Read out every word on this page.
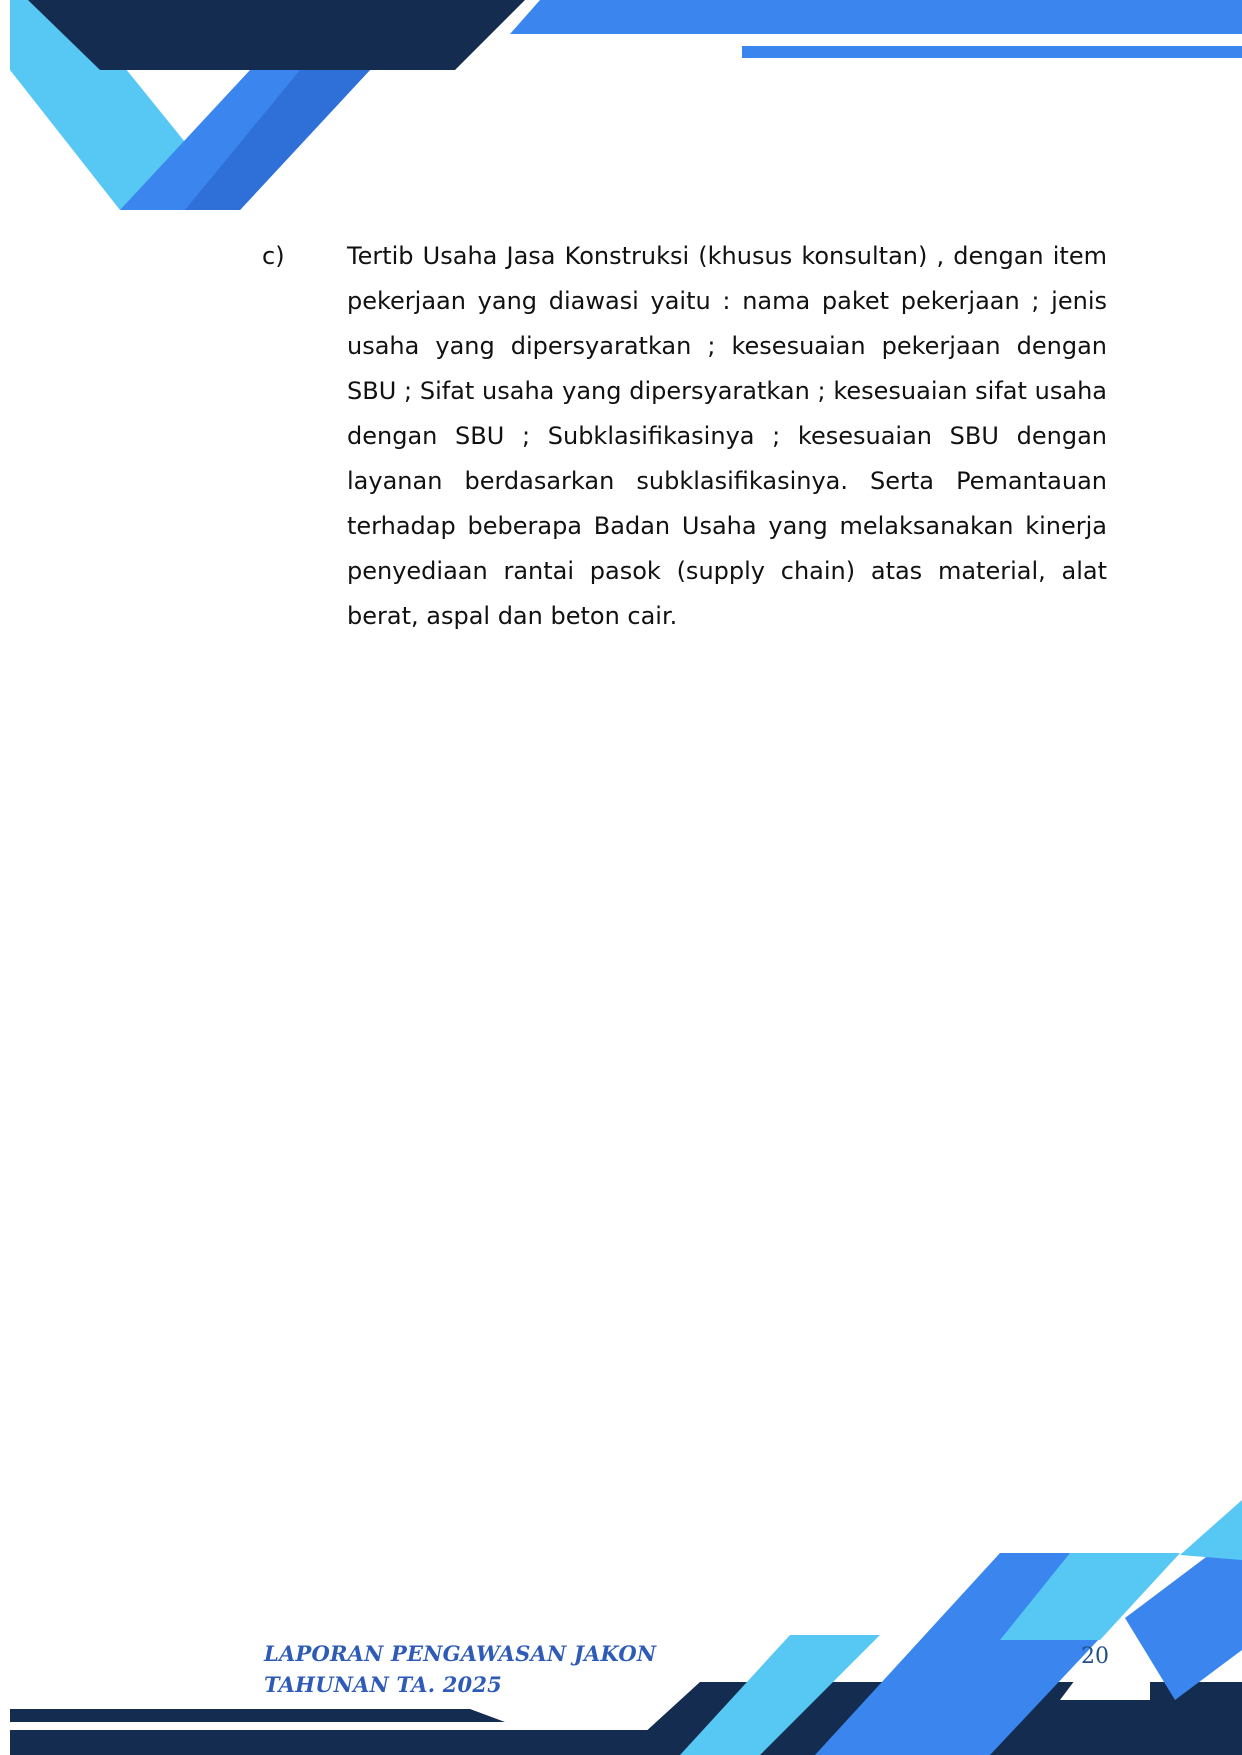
c)	Tertib Usaha Jasa Konstruksi (khusus konsultan) , dengan item pekerjaan yang diawasi yaitu : nama paket pekerjaan ; jenis usaha yang dipersyaratkan ; kesesuaian pekerjaan dengan SBU ; Sifat usaha yang dipersyaratkan ; kesesuaian sifat usaha dengan SBU ; Subklasifikasinya ; kesesuaian SBU dengan layanan berdasarkan subklasifikasinya. Serta Pemantauan terhadap beberapa Badan Usaha yang melaksanakan kinerja penyediaan rantai pasok (supply chain) atas material, alat berat, aspal dan beton cair.

LAPORAN PENGAWASAN JAKON
TAHUNAN TA. 2025
20
